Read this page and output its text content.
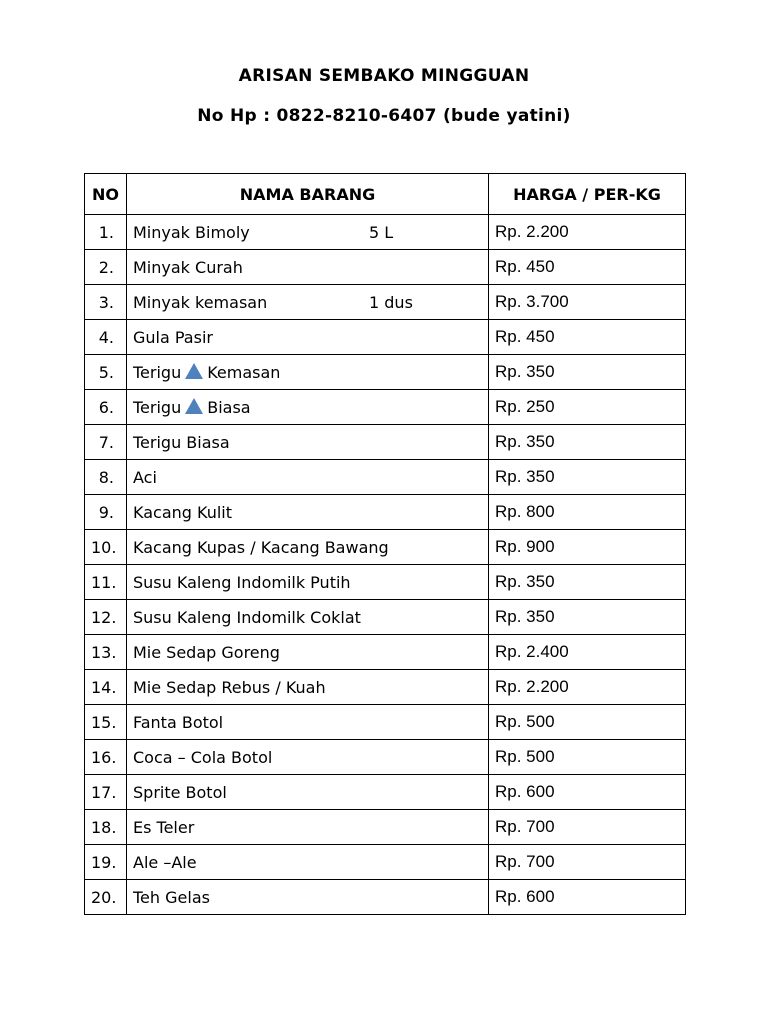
ARISAN SEMBAKO MINGGUAN
No Hp : 0822-8210-6407 (bude yatini)
NO	NAMA BARANG	HARGA / PER-KG
1.	Minyak Bimoly 5 L	Rp. 2.200
2.	Minyak Curah	Rp. 450
3.	Minyak kemasan 1 dus	Rp. 3.700
4.	Gula Pasir	Rp. 450
5.	Terigu Kemasan	Rp. 350
6.	Terigu Biasa	Rp. 250
7.	Terigu Biasa	Rp. 350
8.	Aci	Rp. 350
9.	Kacang Kulit	Rp. 800
10.	Kacang Kupas / Kacang Bawang	Rp. 900
11.	Susu Kaleng Indomilk Putih	Rp. 350
12.	Susu Kaleng Indomilk Coklat	Rp. 350
13.	Mie Sedap Goreng	Rp. 2.400
14.	Mie Sedap Rebus / Kuah	Rp. 2.200
15.	Fanta Botol	Rp. 500
16.	Coca – Cola Botol	Rp. 500
17.	Sprite Botol	Rp. 600
18.	Es Teler	Rp. 700
19.	Ale –Ale	Rp. 700
20.	Teh Gelas	Rp. 600
